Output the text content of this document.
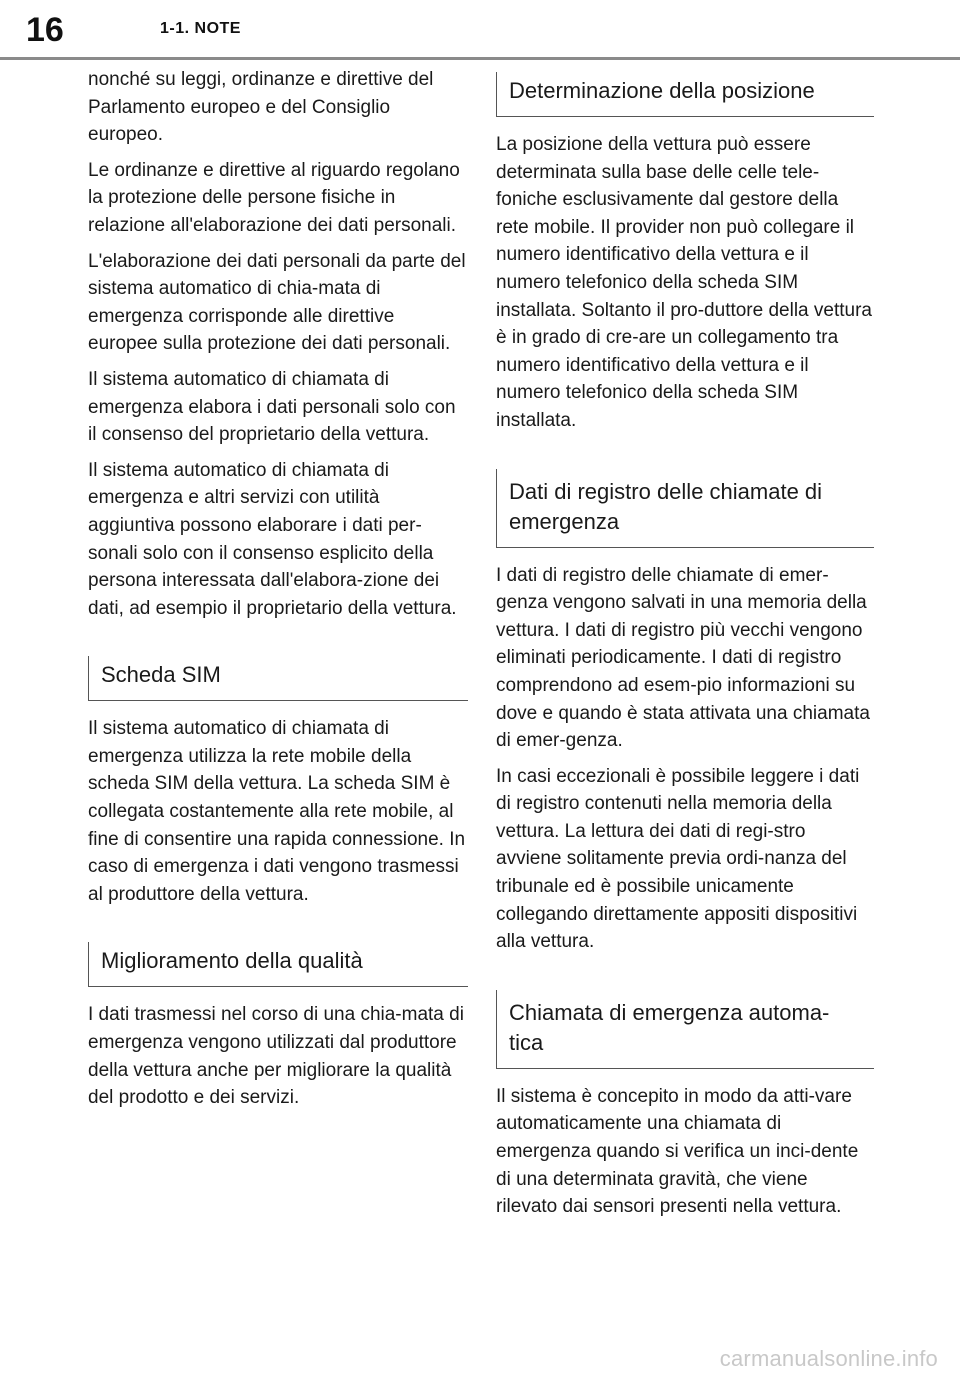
16	1-1. NOTE

nonché su leggi, ordinanze e direttive del Parlamento europeo e del Consiglio europeo.

Le ordinanze e direttive al riguardo regolano la protezione delle persone fisiche in relazione all'elaborazione dei dati personali.

L'elaborazione dei dati personali da parte del sistema automatico di chia-mata di emergenza corrisponde alle direttive europee sulla protezione dei dati personali.

Il sistema automatico di chiamata di emergenza elabora i dati personali solo con il consenso del proprietario della vettura.

Il sistema automatico di chiamata di emergenza e altri servizi con utilità aggiuntiva possono elaborare i dati per-sonali solo con il consenso esplicito della persona interessata dall'elabora-zione dei dati, ad esempio il proprietario della vettura.

Scheda SIM

Il sistema automatico di chiamata di emergenza utilizza la rete mobile della scheda SIM della vettura. La scheda SIM è collegata costantemente alla rete mobile, al fine di consentire una rapida connessione. In caso di emergenza i dati vengono trasmessi al produttore della vettura.

Miglioramento della qualità

I dati trasmessi nel corso di una chia-mata di emergenza vengono utilizzati dal produttore della vettura anche per migliorare la qualità del prodotto e dei servizi.

Determinazione della posizione

La posizione della vettura può essere determinata sulla base delle celle tele-foniche esclusivamente dal gestore della rete mobile. Il provider non può collegare il numero identificativo della vettura e il numero telefonico della scheda SIM installata. Soltanto il pro-duttore della vettura è in grado di cre-are un collegamento tra numero identificativo della vettura e il numero telefonico della scheda SIM installata.

Dati di registro delle chiamate di emergenza

I dati di registro delle chiamate di emer-genza vengono salvati in una memoria della vettura. I dati di registro più vecchi vengono eliminati periodicamente. I dati di registro comprendono ad esem-pio informazioni su dove e quando è stata attivata una chiamata di emer-genza.

In casi eccezionali è possibile leggere i dati di registro contenuti nella memoria della vettura. La lettura dei dati di regi-stro avviene solitamente previa ordi-nanza del tribunale ed è possibile unicamente collegando direttamente appositi dispositivi alla vettura.

Chiamata di emergenza automa-tica

Il sistema è concepito in modo da atti-vare automaticamente una chiamata di emergenza quando si verifica un inci-dente di una determinata gravità, che viene rilevato dai sensori presenti nella vettura.

carmanualsonline.info
